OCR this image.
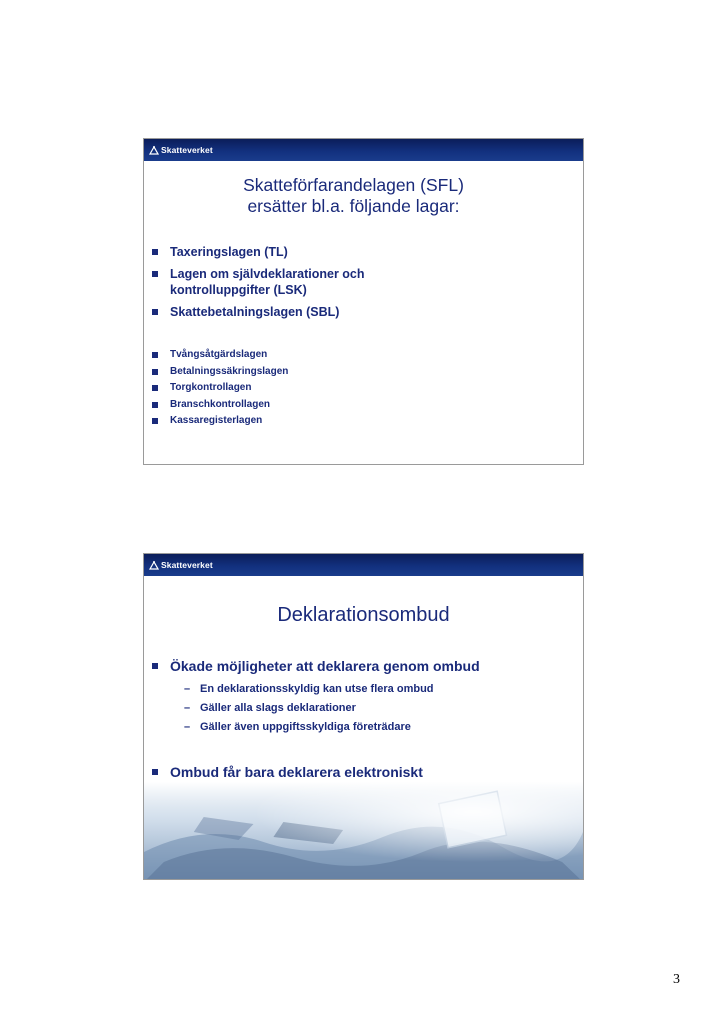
Skatteverket
Skatteförfarandelagen (SFL)
ersätter bl.a. följande lagar:
Taxeringslagen (TL)
Lagen om självdeklarationer och kontrolluppgifter (LSK)
Skattebetalningslagen (SBL)
Tvångsåtgärdslagen
Betalningssäkringslagen
Torgkontrollagen
Branschkontrollagen
Kassaregisterlagen
Skatteverket
Deklarationsombud
Ökade möjligheter att deklarera genom ombud
– En deklarationsskyldig kan utse flera ombud
– Gäller alla slags deklarationer
– Gäller även uppgiftsskyldiga företrädare
Ombud får bara deklarera elektroniskt
3
